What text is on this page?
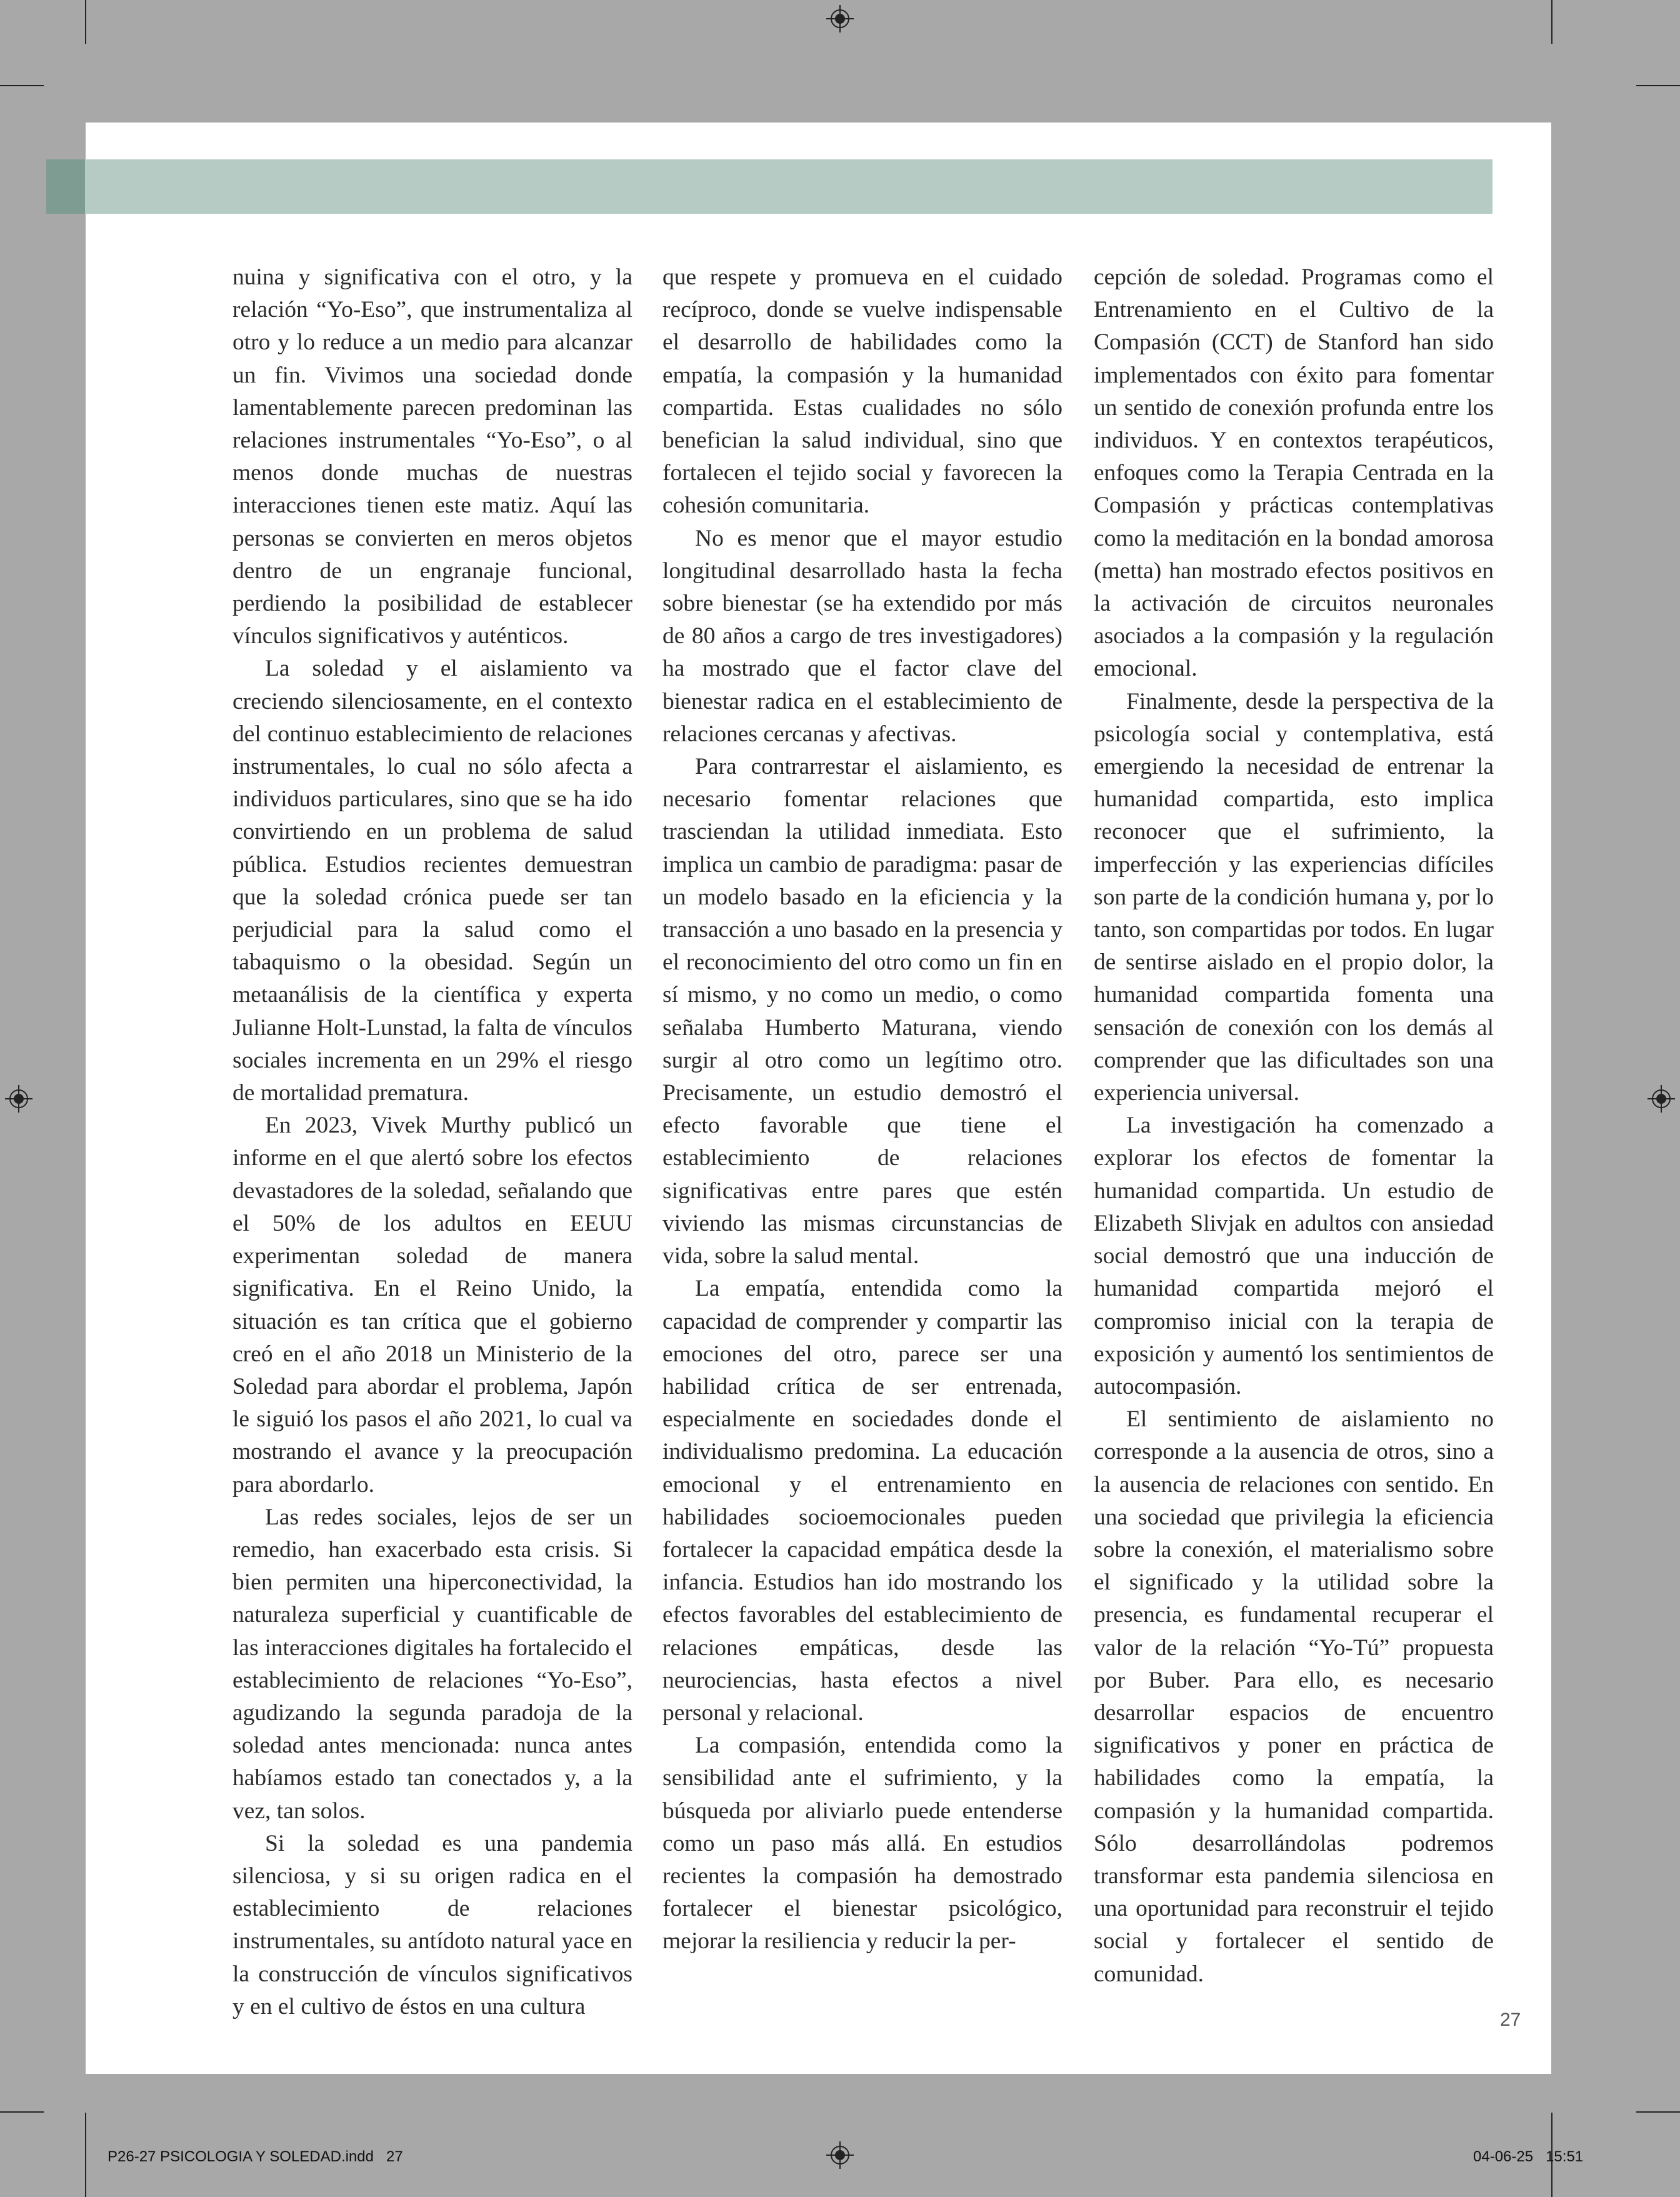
nuina y significativa con el otro, y la relación “Yo-Eso”, que instrumentaliza al otro y lo reduce a un medio para alcanzar un fin. Vivimos una sociedad donde lamentablemente parecen predominan las relaciones instrumentales “Yo-Eso”, o al menos donde muchas de nuestras interacciones tienen este matiz. Aquí las personas se convierten en meros objetos dentro de un engranaje funcional, perdiendo la posibilidad de establecer vínculos significativos y auténticos.

La soledad y el aislamiento va creciendo silenciosamente, en el contexto del continuo establecimiento de relaciones instrumentales, lo cual no sólo afecta a individuos particulares, sino que se ha ido convirtiendo en un problema de salud pública. Estudios recientes demuestran que la soledad crónica puede ser tan perjudicial para la salud como el tabaquismo o la obesidad. Según un metaanálisis de la científica y experta Julianne Holt-Lunstad, la falta de vínculos sociales incrementa en un 29% el riesgo de mortalidad prematura.

En 2023, Vivek Murthy publicó un informe en el que alertó sobre los efectos devastadores de la soledad, señalando que el 50% de los adultos en EEUU experimentan soledad de manera significativa. En el Reino Unido, la situación es tan crítica que el gobierno creó en el año 2018 un Ministerio de la Soledad para abordar el problema, Japón le siguió los pasos el año 2021, lo cual va mostrando el avance y la preocupación para abordarlo.

Las redes sociales, lejos de ser un remedio, han exacerbado esta crisis. Si bien permiten una hiperconectividad, la naturaleza superficial y cuantificable de las interacciones digitales ha fortalecido el establecimiento de relaciones “Yo-Eso”, agudizando la segunda paradoja de la soledad antes mencionada: nunca antes habíamos estado tan conectados y, a la vez, tan solos.

Si la soledad es una pandemia silenciosa, y si su origen radica en el establecimiento de relaciones instrumentales, su antídoto natural yace en la construcción de vínculos significativos y en el cultivo de éstos en una cultura

que respete y promueva en el cuidado recíproco, donde se vuelve indispensable el desarrollo de habilidades como la empatía, la compasión y la humanidad compartida. Estas cualidades no sólo benefician la salud individual, sino que fortalecen el tejido social y favorecen la cohesión comunitaria.

No es menor que el mayor estudio longitudinal desarrollado hasta la fecha sobre bienestar (se ha extendido por más de 80 años a cargo de tres investigadores) ha mostrado que el factor clave del bienestar radica en el establecimiento de relaciones cercanas y afectivas.

Para contrarrestar el aislamiento, es necesario fomentar relaciones que trasciendan la utilidad inmediata. Esto implica un cambio de paradigma: pasar de un modelo basado en la eficiencia y la transacción a uno basado en la presencia y el reconocimiento del otro como un fin en sí mismo, y no como un medio, o como señalaba Humberto Maturana, viendo surgir al otro como un legítimo otro. Precisamente, un estudio demostró el efecto favorable que tiene el establecimiento de relaciones significativas entre pares que estén viviendo las mismas circunstancias de vida, sobre la salud mental.

La empatía, entendida como la capacidad de comprender y compartir las emociones del otro, parece ser una habilidad crítica de ser entrenada, especialmente en sociedades donde el individualismo predomina. La educación emocional y el entrenamiento en habilidades socioemocionales pueden fortalecer la capacidad empática desde la infancia. Estudios han ido mostrando los efectos favorables del establecimiento de relaciones empáticas, desde las neurociencias, hasta efectos a nivel personal y relacional.

La compasión, entendida como la sensibilidad ante el sufrimiento, y la búsqueda por aliviarlo puede entenderse como un paso más allá. En estudios recientes la compasión ha demostrado fortalecer el bienestar psicológico, mejorar la resiliencia y reducir la per-

cepción de soledad. Programas como el Entrenamiento en el Cultivo de la Compasión (CCT) de Stanford han sido implementados con éxito para fomentar un sentido de conexión profunda entre los individuos. Y en contextos terapéuticos, enfoques como la Terapia Centrada en la Compasión y prácticas contemplativas como la meditación en la bondad amorosa (metta) han mostrado efectos positivos en la activación de circuitos neuronales asociados a la compasión y la regulación emocional.

Finalmente, desde la perspectiva de la psicología social y contemplativa, está emergiendo la necesidad de entrenar la humanidad compartida, esto implica reconocer que el sufrimiento, la imperfección y las experiencias difíciles son parte de la condición humana y, por lo tanto, son compartidas por todos. En lugar de sentirse aislado en el propio dolor, la humanidad compartida fomenta una sensación de conexión con los demás al comprender que las dificultades son una experiencia universal.

La investigación ha comenzado a explorar los efectos de fomentar la humanidad compartida. Un estudio de Elizabeth Slivjak en adultos con ansiedad social demostró que una inducción de humanidad compartida mejoró el compromiso inicial con la terapia de exposición y aumentó los sentimientos de autocompasión.

El sentimiento de aislamiento no corresponde a la ausencia de otros, sino a la ausencia de relaciones con sentido. En una sociedad que privilegia la eficiencia sobre la conexión, el materialismo sobre el significado y la utilidad sobre la presencia, es fundamental recuperar el valor de la relación “Yo-Tú” propuesta por Buber. Para ello, es necesario desarrollar espacios de encuentro significativos y poner en práctica de habilidades como la empatía, la compasión y la humanidad compartida. Sólo desarrollándolas podremos transformar esta pandemia silenciosa en una oportunidad para reconstruir el tejido social y fortalecer el sentido de comunidad.

27
P26-27 PSICOLOGIA Y SOLEDAD.indd   27	04-06-25   15:51
